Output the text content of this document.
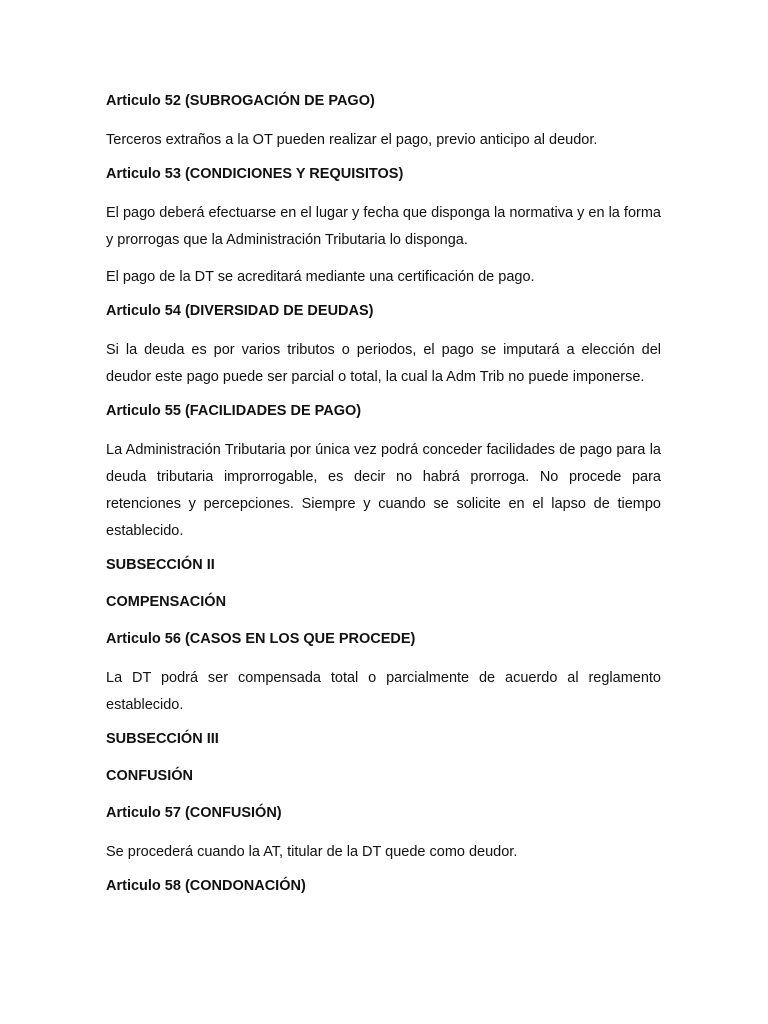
Articulo 52 (SUBROGACIÓN DE PAGO)
Terceros extraños a la OT pueden realizar el pago, previo anticipo al deudor.
Articulo 53 (CONDICIONES Y REQUISITOS)
El pago deberá efectuarse en el lugar y fecha que disponga la normativa y en la forma y prorrogas que la Administración Tributaria lo disponga.
El pago de la DT se acreditará mediante una certificación de pago.
Articulo 54 (DIVERSIDAD DE DEUDAS)
Si la deuda es por varios tributos o periodos, el pago se imputará a elección del deudor este pago puede ser parcial o total, la cual la Adm Trib no puede imponerse.
Articulo 55 (FACILIDADES DE PAGO)
La Administración Tributaria por única vez podrá conceder facilidades de pago para la deuda tributaria improrrogable, es decir no habrá prorroga. No procede para retenciones y percepciones. Siempre y cuando se solicite en el lapso de tiempo establecido.
SUBSECCIÓN II
COMPENSACIÓN
Articulo 56 (CASOS EN LOS QUE PROCEDE)
La DT podrá ser compensada total o parcialmente de acuerdo al reglamento establecido.
SUBSECCIÓN III
CONFUSIÓN
Articulo 57 (CONFUSIÓN)
Se procederá cuando la AT, titular de la DT quede como deudor.
Articulo 58 (CONDONACIÓN)
